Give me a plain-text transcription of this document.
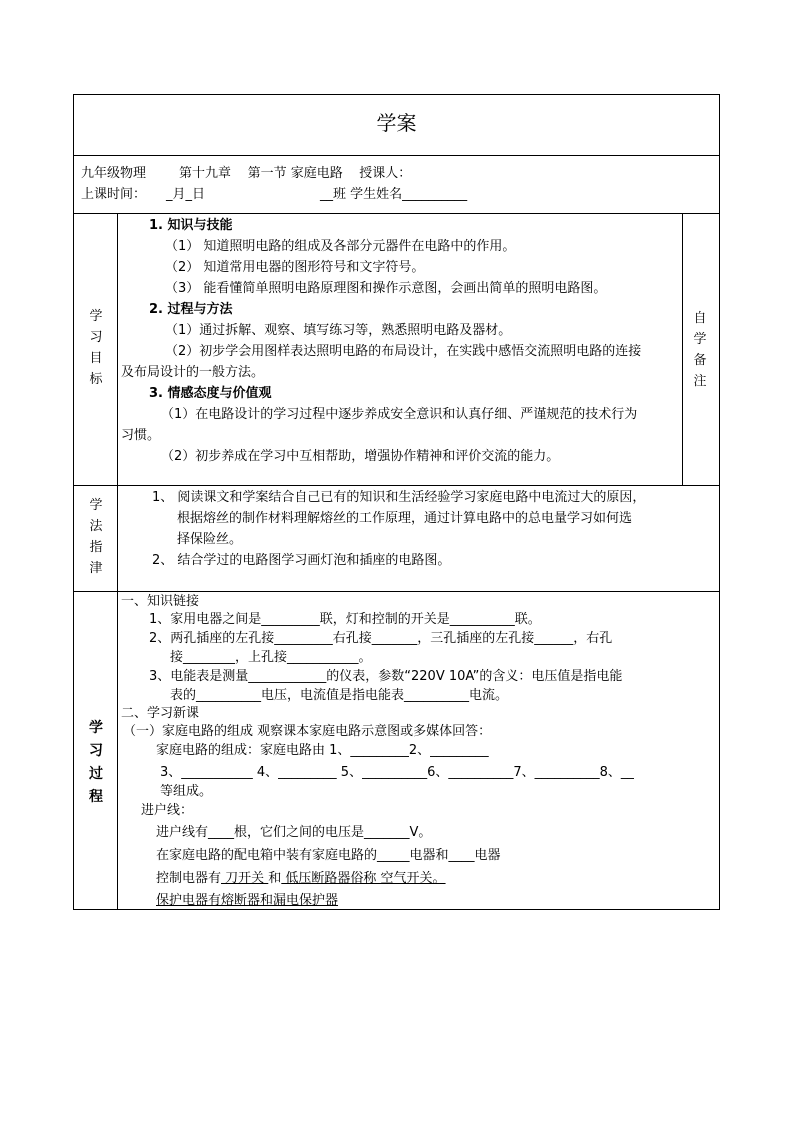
学案
九年级物理        第十九章    第一节 家庭电路    授课人：
上课时间： _月_日	__班 学生姓名__________
学
习
目
标
自
学
备
注
1. 知识与技能
（1） 知道照明电路的组成及各部分元器件在电路中的作用。
（2） 知道常用电器的图形符号和文字符号。
（3） 能看懂简单照明电路原理图和操作示意图，会画出简单的照明电路图。
2. 过程与方法
（1）通过拆解、观察、填写练习等，熟悉照明电路及器材。
（2）初步学会用图样表达照明电路的布局设计，在实践中感悟交流照明电路的连接
及布局设计的一般方法。
3. 情感态度与价值观
（1）在电路设计的学习过程中逐步养成安全意识和认真仔细、严谨规范的技术行为
习惯。
（2）初步养成在学习中互相帮助，增强协作精神和评价交流的能力。
学
法
指
津
1、 阅读课文和学案结合自己已有的知识和生活经验学习家庭电路中电流过大的原因，
根据熔丝的制作材料理解熔丝的工作原理，通过计算电路中的总电量学习如何选
择保险丝。
2、 结合学过的电路图学习画灯泡和插座的电路图。
学
习
过
程
一、知识链接
1、家用电器之间是_________联，灯和控制的开关是__________联。
2、两孔插座的左孔接_________右孔接_______，三孔插座的左孔接______，右孔
接________，上孔接___________。
3、电能表是测量____________的仪表，参数“220V 10A”的含义：电压值是指电能
表的__________电压，电流值是指电能表__________电流。
二、学习新课
（一）家庭电路的组成 观察课本家庭电路示意图或多媒体回答：
家庭电路的组成：家庭电路由 1、_________2、_________
3、___________ 4、_________ 5、__________6、__________7、__________8、__
等组成。
进户线：
进户线有____根，它们之间的电压是_______V。
在家庭电路的配电箱中装有家庭电路的_____电器和____电器
控制电器有 刀开关 和 低压断路器俗称 空气开关。
保护电器有熔断器和漏电保护器
